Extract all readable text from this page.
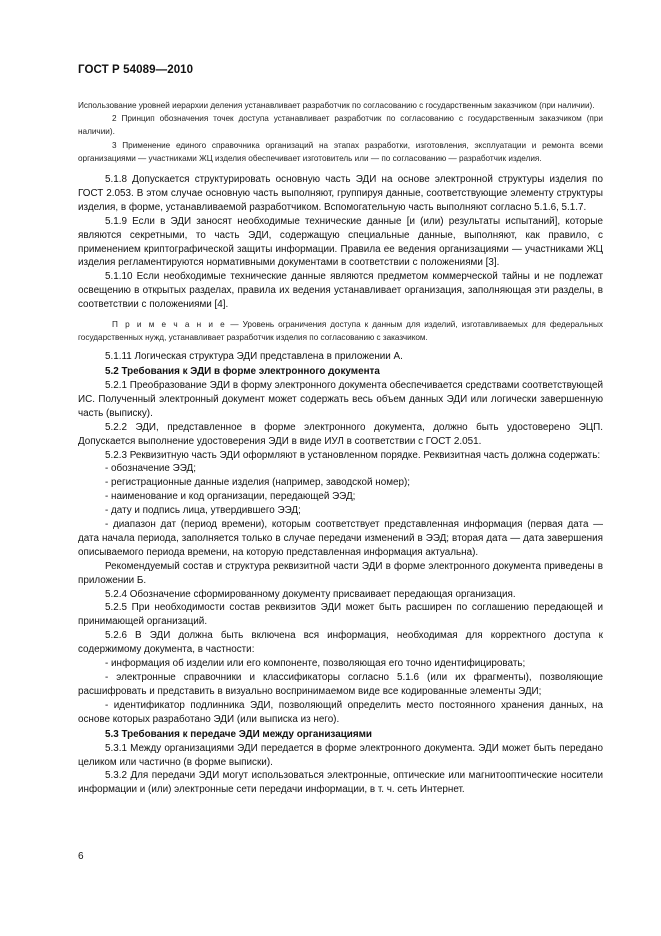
ГОСТ Р 54089—2010

Использование уровней иерархии деления устанавливает разработчик по согласованию с государственным заказчиком (при наличии).

2 Принцип обозначения точек доступа устанавливает разработчик по согласованию с государственным заказчиком (при наличии).

3 Применение единого справочника организаций на этапах разработки, изготовления, эксплуатации и ремонта всеми организациями — участниками ЖЦ изделия обеспечивает изготовитель или — по согласованию — разработчик изделия.

5.1.8 Допускается структурировать основную часть ЭДИ на основе электронной структуры изделия по ГОСТ 2.053. В этом случае основную часть выполняют, группируя данные, соответствующие элементу структуры изделия, в форме, устанавливаемой разработчиком. Вспомогательную часть выполняют согласно 5.1.6, 5.1.7.

5.1.9 Если в ЭДИ заносят необходимые технические данные [и (или) результаты испытаний], которые являются секретными, то часть ЭДИ, содержащую специальные данные, выполняют, как правило, с применением криптографической защиты информации. Правила ее ведения организациями — участниками ЖЦ изделия регламентируются нормативными документами в соответствии с положениями [3].

5.1.10 Если необходимые технические данные являются предметом коммерческой тайны и не подлежат освещению в открытых разделах, правила их ведения устанавливает организация, заполняющая эти разделы, в соответствии с положениями [4].

П р и м е ч а н и е — Уровень ограничения доступа к данным для изделий, изготавливаемых для федеральных государственных нужд, устанавливает разработчик изделия по согласованию с заказчиком.

5.1.11 Логическая структура ЭДИ представлена в приложении А.

5.2 Требования к ЭДИ в форме электронного документа

5.2.1 Преобразование ЭДИ в форму электронного документа обеспечивается средствами соответствующей ИС. Полученный электронный документ может содержать весь объем данных ЭДИ или логически завершенную часть (выписку).

5.2.2 ЭДИ, представленное в форме электронного документа, должно быть удостоверено ЭЦП. Допускается выполнение удостоверения ЭДИ в виде ИУЛ в соответствии с ГОСТ 2.051.

5.2.3 Реквизитную часть ЭДИ оформляют в установленном порядке. Реквизитная часть должна содержать:

- обозначение ЭЭД;

- регистрационные данные изделия (например, заводской номер);

- наименование и код организации, передающей ЭЭД;

- дату и подпись лица, утвердившего ЭЭД;

- диапазон дат (период времени), которым соответствует представленная информация (первая дата — дата начала периода, заполняется только в случае передачи изменений в ЭЭД; вторая дата — дата завершения описываемого периода времени, на которую представленная информация актуальна).

Рекомендуемый состав и структура реквизитной части ЭДИ в форме электронного документа приведены в приложении Б.

5.2.4 Обозначение сформированному документу присваивает передающая организация.

5.2.5 При необходимости состав реквизитов ЭДИ может быть расширен по соглашению передающей и принимающей организаций.

5.2.6 В ЭДИ должна быть включена вся информация, необходимая для корректного доступа к содержимому документа, в частности:

- информация об изделии или его компоненте, позволяющая его точно идентифицировать;

- электронные справочники и классификаторы согласно 5.1.6 (или их фрагменты), позволяющие расшифровать и представить в визуально воспринимаемом виде все кодированные элементы ЭДИ;

- идентификатор подлинника ЭДИ, позволяющий определить место постоянного хранения данных, на основе которых разработано ЭДИ (или выписка из него).

5.3 Требования к передаче ЭДИ между организациями

5.3.1 Между организациями ЭДИ передается в форме электронного документа. ЭДИ может быть передано целиком или частично (в форме выписки).

5.3.2 Для передачи ЭДИ могут использоваться электронные, оптические или магнитооптические носители информации и (или) электронные сети передачи информации, в т. ч. сеть Интернет.

6
